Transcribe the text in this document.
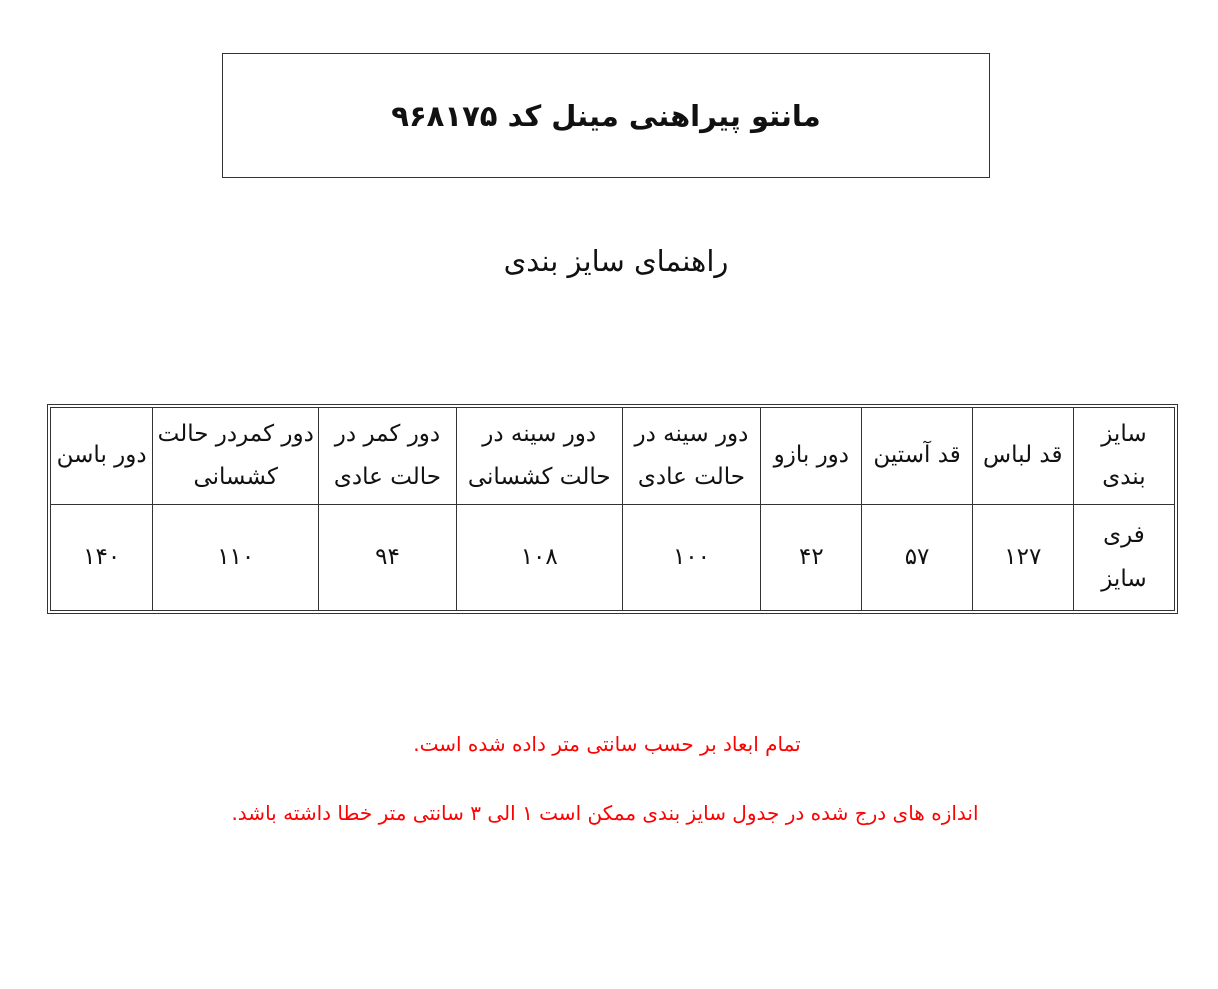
مانتو پیراهنی مینل کد ۹۶۸۱۷۵
راهنمای سایز بندی
سایز بندی	قد لباس	قد آستین	دور بازو	دور سینه در حالت عادی	دور سینه در حالت کشسانی	دور کمر در حالت عادی	دور کمردر حالت کشسانی	دور باسن
فری سایز	۱۲۷	۵۷	۴۲	۱۰۰	۱۰۸	۹۴	۱۱۰	۱۴۰
تمام ابعاد بر حسب سانتی متر داده شده است.
اندازه های درج شده در جدول سایز بندی ممکن است ۱ الی ۳ سانتی متر خطا داشته باشد.
